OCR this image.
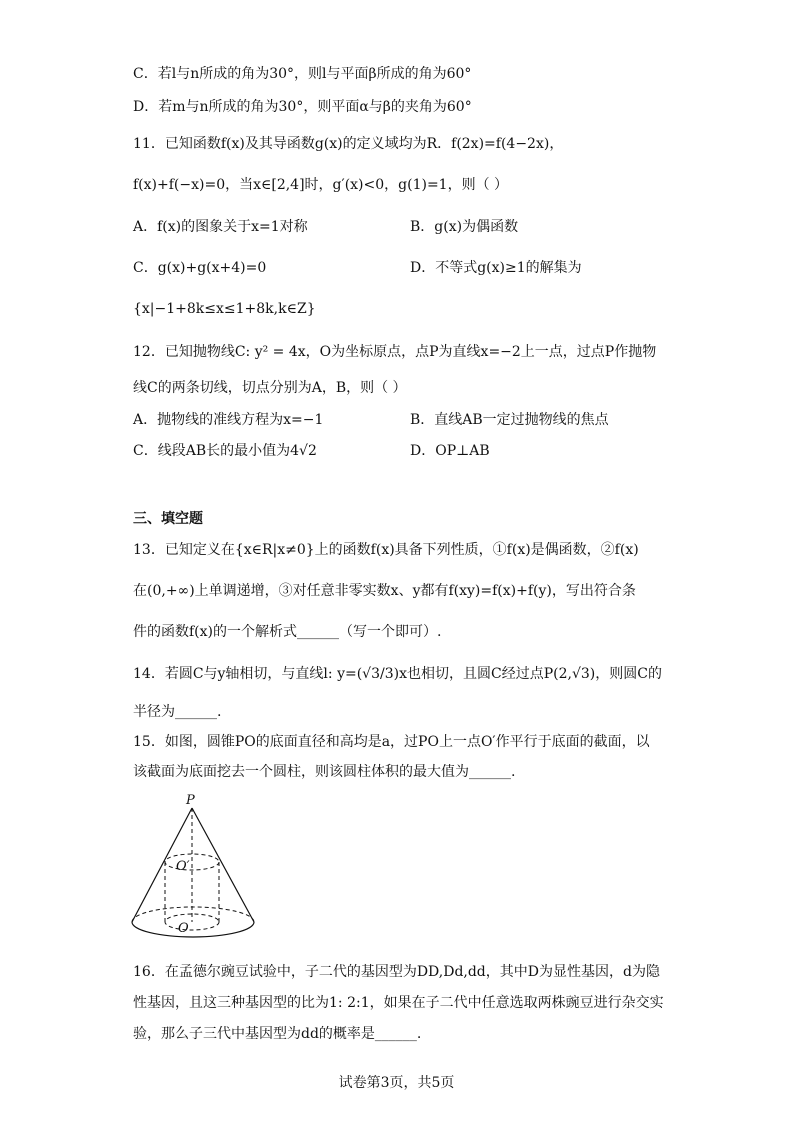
C．若l与n所成的角为30°，则l与平面β所成的角为60°
D．若m与n所成的角为30°，则平面α与β的夹角为60°
11．已知函数f(x)及其导函数g(x)的定义域均为R．f(2x)=f(4−2x)，
f(x)+f(−x)=0，当x∈[2,4]时，g′(x)<0，g(1)=1，则（ ）
A．f(x)的图象关于x=1对称	B．g(x)为偶函数
C．g(x)+g(x+4)=0	D．不等式g(x)≥1的解集为
{x|−1+8k≤x≤1+8k,k∈Z}
12．已知抛物线C: y² = 4x，O为坐标原点，点P为直线x=−2上一点，过点P作抛物
线C的两条切线，切点分别为A，B，则（ ）
A．抛物线的准线方程为x=−1	B．直线AB一定过抛物线的焦点
C．线段AB长的最小值为4√2	D．OP⊥AB
三、填空题
13．已知定义在{x∈R|x≠0}上的函数f(x)具备下列性质，①f(x)是偶函数，②f(x)
在(0,+∞)上单调递增，③对任意非零实数x、y都有f(xy)=f(x)+f(y)，写出符合条
件的函数f(x)的一个解析式______（写一个即可）.
14．若圆C与y轴相切，与直线l: y=(√3/3)x也相切，且圆C经过点P(2,√3)，则圆C的
半径为______.
15．如图，圆锥PO的底面直径和高均是a，过PO上一点O′作平行于底面的截面，以
该截面为底面挖去一个圆柱，则该圆柱体积的最大值为______.
P
O′
O
16．在孟德尔豌豆试验中，子二代的基因型为DD,Dd,dd，其中D为显性基因，d为隐
性基因，且这三种基因型的比为1: 2:1，如果在子二代中任意选取两株豌豆进行杂交实
验，那么子三代中基因型为dd的概率是______.
试卷第3页，共5页
